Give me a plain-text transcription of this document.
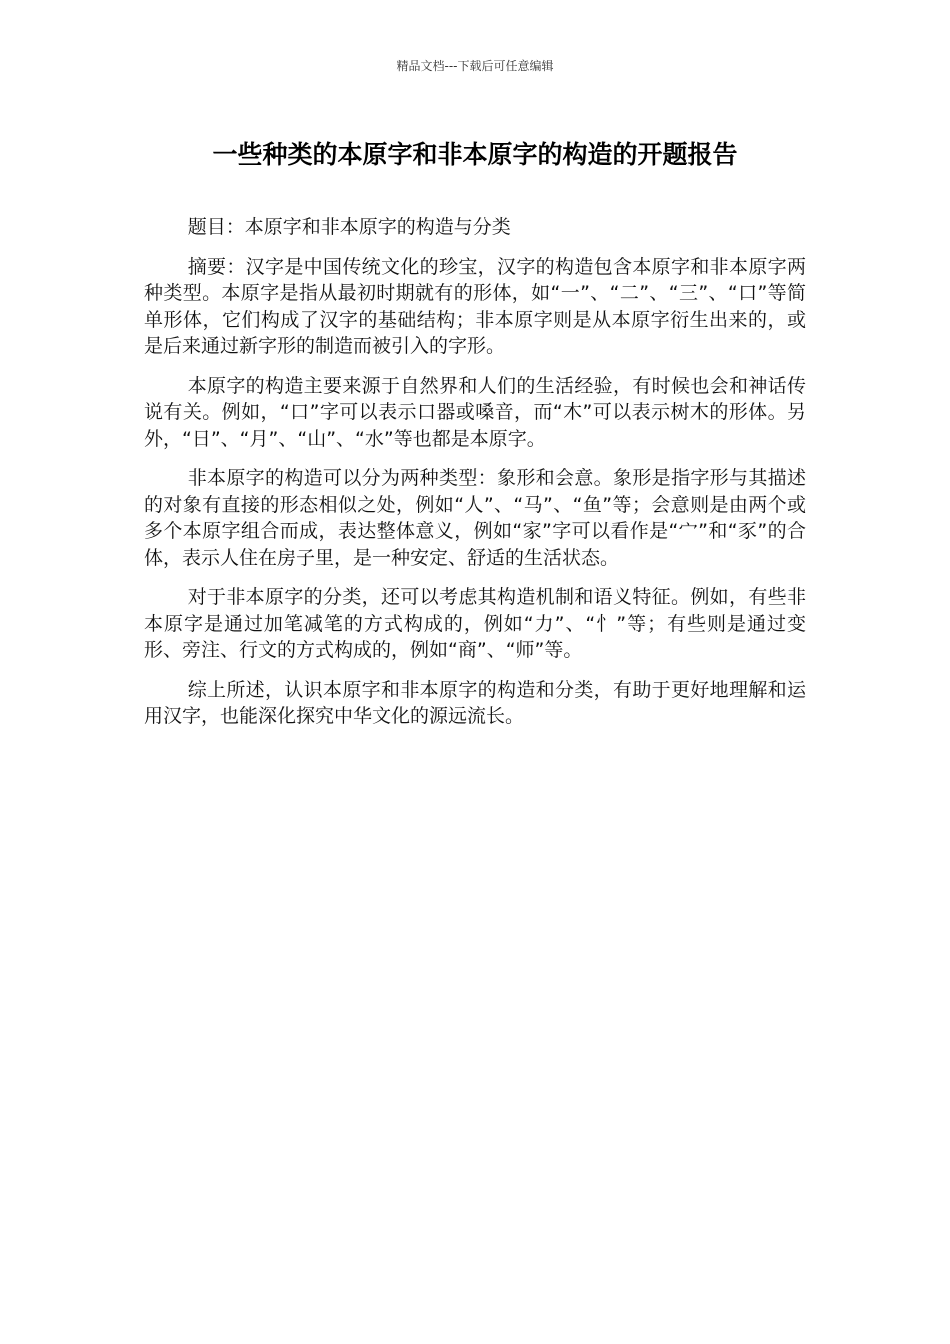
精品文档---下载后可任意编辑
一些种类的本原字和非本原字的构造的开题报告

题目：本原字和非本原字的构造与分类

摘要：汉字是中国传统文化的珍宝，汉字的构造包含本原字和非本原字两种类型。本原字是指从最初时期就有的形体，如“一”、“二”、“三”、“口”等简单形体，它们构成了汉字的基础结构；非本原字则是从本原字衍生出来的，或是后来通过新字形的制造而被引入的字形。

本原字的构造主要来源于自然界和人们的生活经验，有时候也会和神话传说有关。例如，“口”字可以表示口器或嗓音，而“木”可以表示树木的形体。另外，“日”、“月”、“山”、“水”等也都是本原字。

非本原字的构造可以分为两种类型：象形和会意。象形是指字形与其描述的对象有直接的形态相似之处，例如“人”、“马”、“鱼”等；会意则是由两个或多个本原字组合而成，表达整体意义，例如“家”字可以看作是“宀”和“豕”的合体，表示人住在房子里，是一种安定、舒适的生活状态。

对于非本原字的分类，还可以考虑其构造机制和语义特征。例如，有些非本原字是通过加笔减笔的方式构成的，例如“力”、“忄”等；有些则是通过变形、旁注、行文的方式构成的，例如“商”、“师”等。

综上所述，认识本原字和非本原字的构造和分类，有助于更好地理解和运用汉字，也能深化探究中华文化的源远流长。
